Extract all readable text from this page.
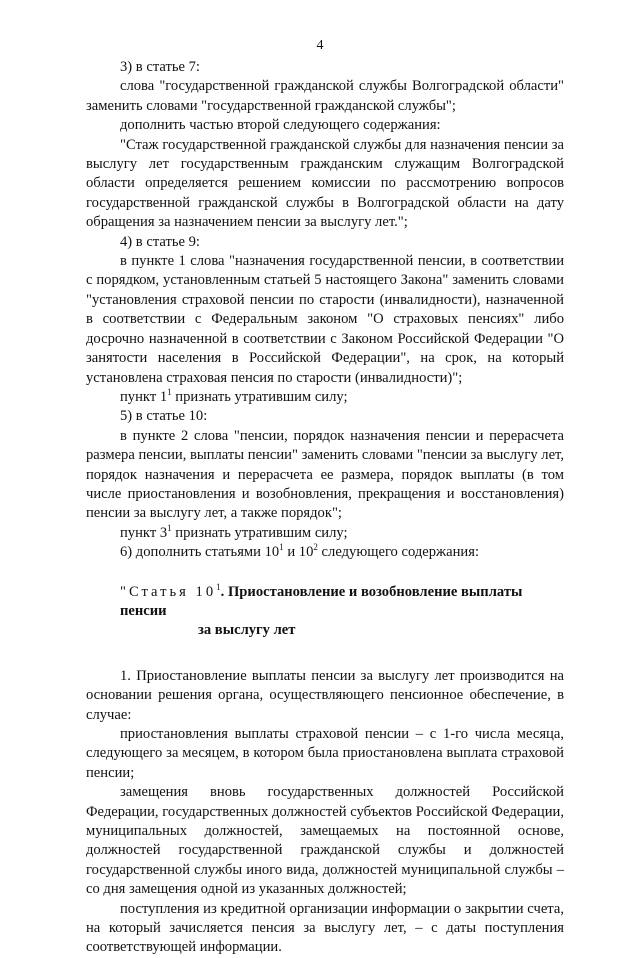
4

3) в статье 7:

слова "государственной гражданской службы Волгоградской области" заменить словами "государственной гражданской службы";

дополнить частью второй следующего содержания:

"Стаж государственной гражданской службы для назначения пенсии за выслугу лет государственным гражданским служащим Волгоградской области определяется решением комиссии по рассмотрению вопросов государственной гражданской службы в Волгоградской области на дату обращения за назначением пенсии за выслугу лет.";

4) в статье 9:

в пункте 1 слова "назначения государственной пенсии, в соответствии с порядком, установленным статьей 5 настоящего Закона" заменить словами "установления страховой пенсии по старости (инвалидности), назначенной в соответствии с Федеральным законом "О страховых пенсиях" либо досрочно назначенной в соответствии с Законом Российской Федерации "О занятости населения в Российской Федерации", на срок, на который установлена страховая пенсия по старости (инвалидности)";

пункт $1^1$ признать утратившим силу;

5) в статье 10:

в пункте 2 слова "пенсии, порядок назначения пенсии и перерасчета размера пенсии, выплаты пенсии" заменить словами "пенсии за выслугу лет, порядок назначения и перерасчета ее размера, порядок выплаты (в том числе приостановления и возобновления, прекращения и восстановления) пенсии за выслугу лет, а также порядок";

пункт $3^1$ признать утратившим силу;

6) дополнить статьями $10^1$ и $10^2$ следующего содержания:

"Статья $10^1$. Приостановление и возобновление выплаты пенсии
за выслугу лет

1. Приостановление выплаты пенсии за выслугу лет производится на основании решения органа, осуществляющего пенсионное обеспечение, в случае:

приостановления выплаты страховой пенсии – с 1-го числа месяца, следующего за месяцем, в котором была приостановлена выплата страховой пенсии;

замещения вновь государственных должностей Российской Федерации, государственных должностей субъектов Российской Федерации, муниципальных должностей, замещаемых на постоянной основе, должностей государственной гражданской службы и должностей государственной службы иного вида, должностей муниципальной службы – со дня замещения одной из указанных должностей;

поступления из кредитной организации информации о закрытии счета, на который зачисляется пенсия за выслугу лет, – с даты поступления соответствующей информации.
